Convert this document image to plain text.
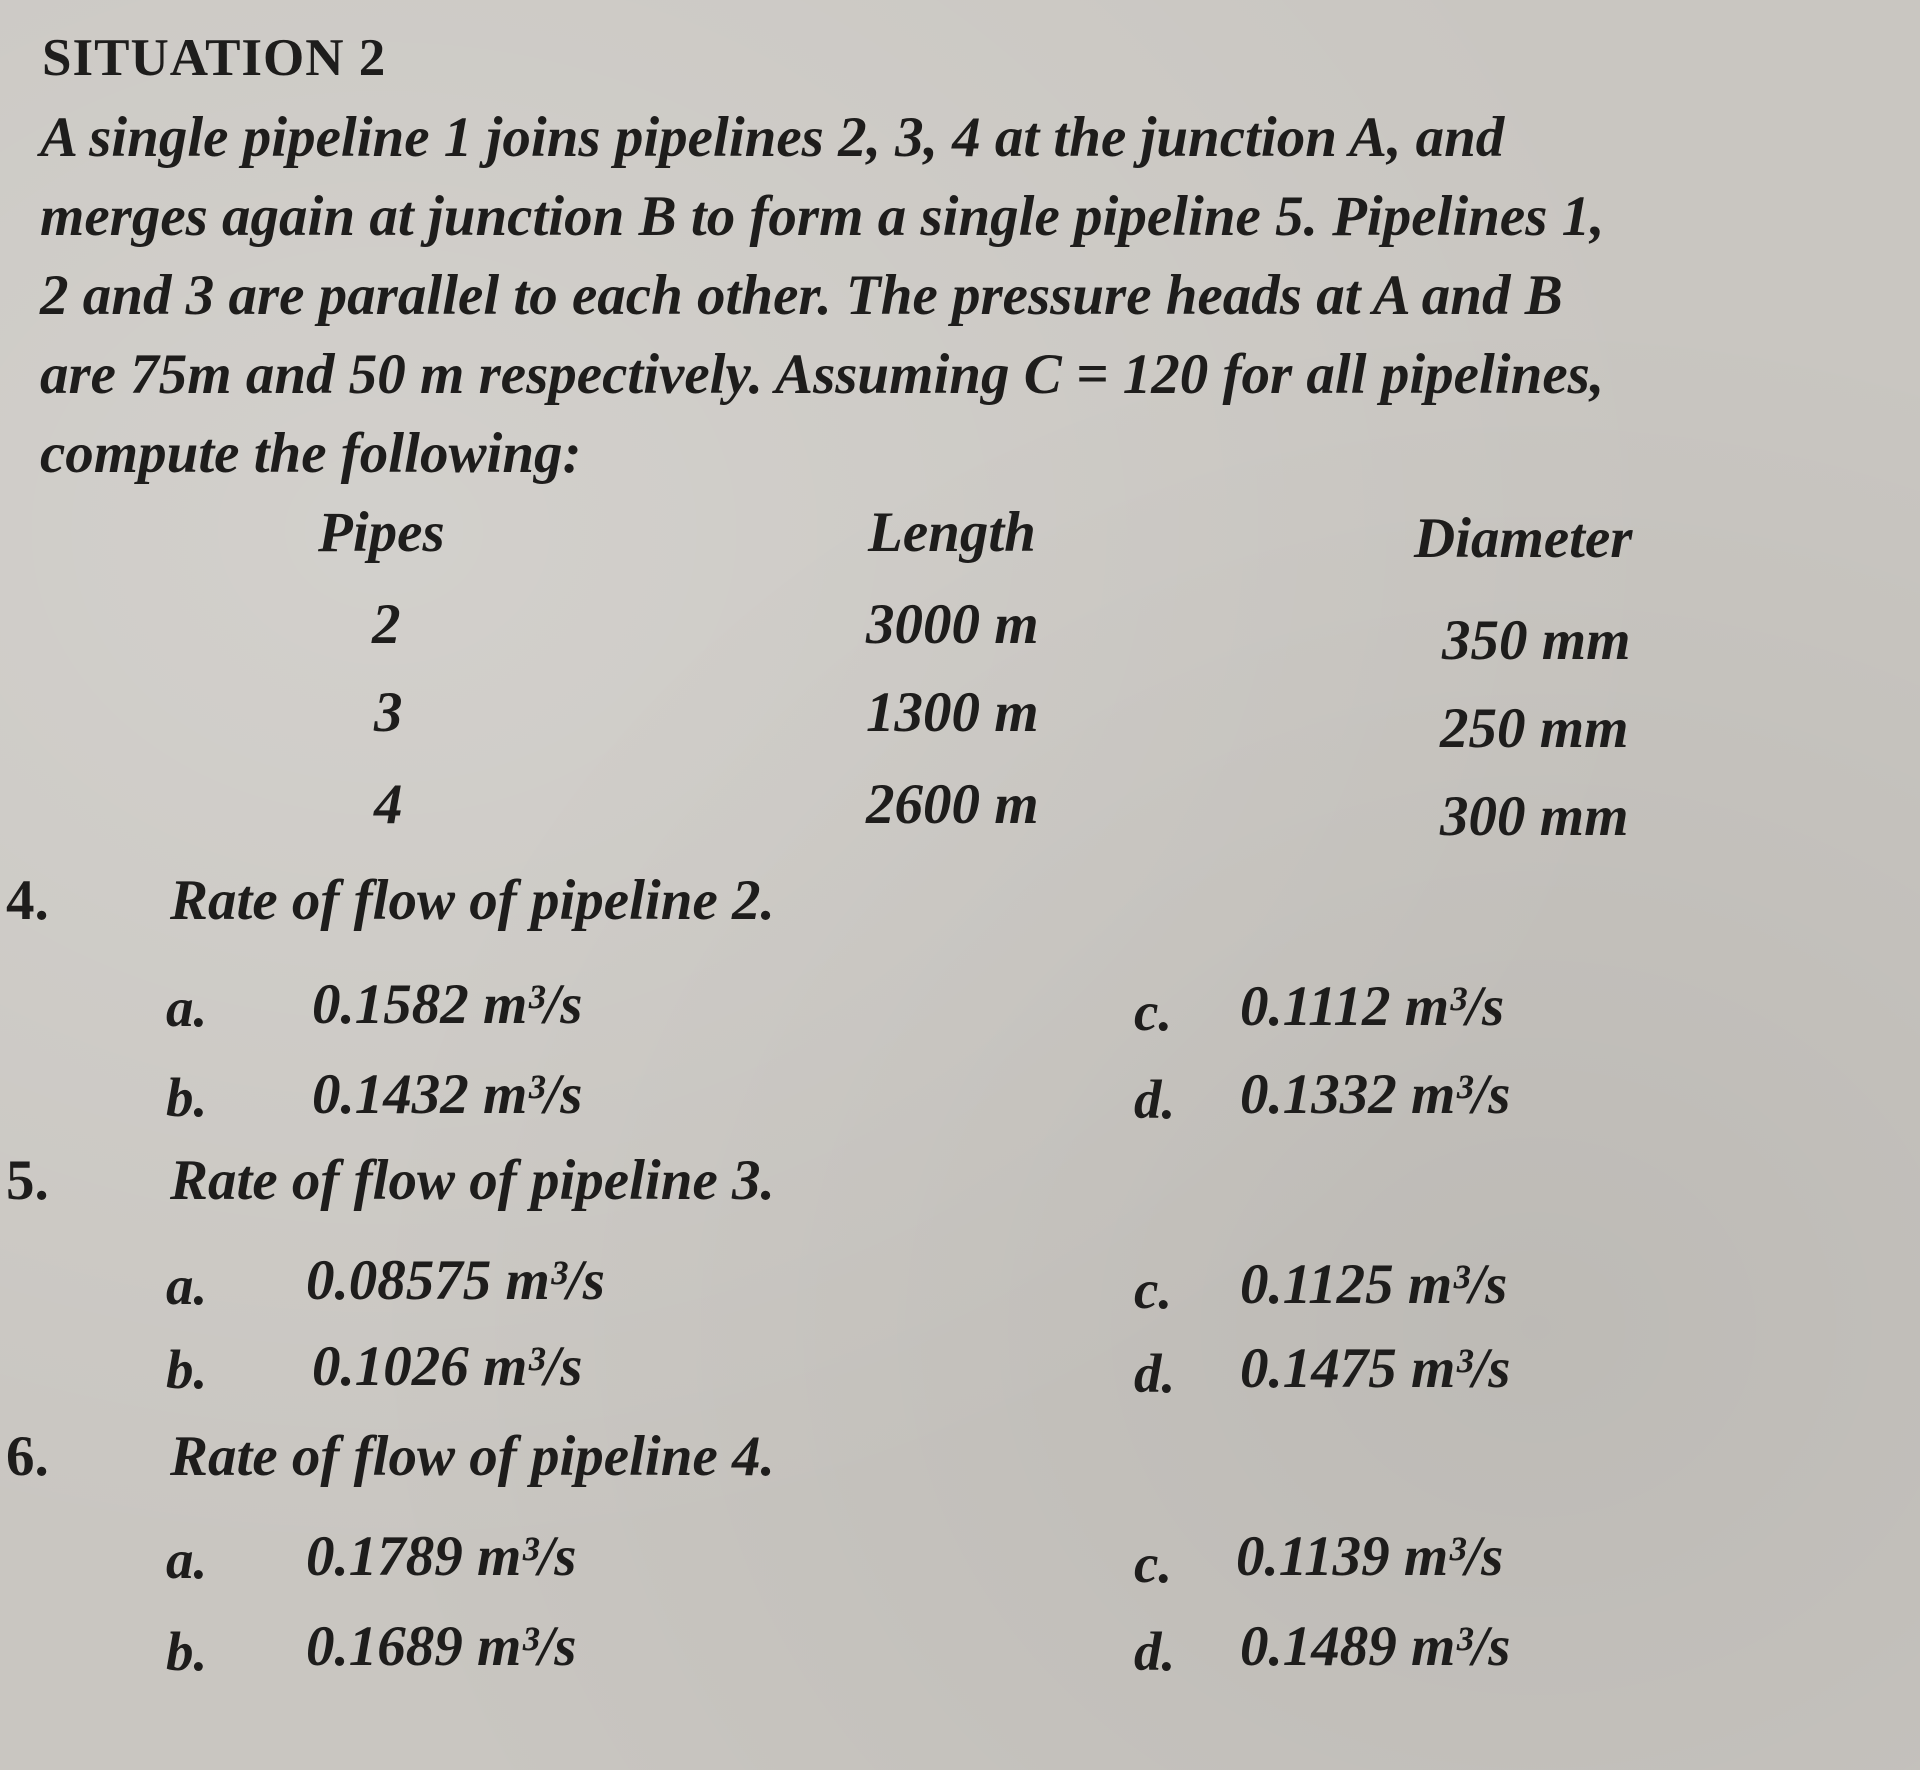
SITUATION 2
A single pipeline 1 joins pipelines 2, 3, 4 at the junction A, and
merges again at junction B to form a single pipeline 5. Pipelines 1,
2 and 3 are parallel to each other. The pressure heads at A and B
are 75m and 50 m respectively. Assuming C = 120 for all pipelines,
compute the following:
Pipes	Length	Diameter
2	3000 m	350 mm
3	1300 m	250 mm
4	2600 m	300 mm
4. Rate of flow of pipeline 2.
a. 0.1582 m³/s
b. 0.1432 m³/s
c. 0.1112 m³/s
d. 0.1332 m³/s
5. Rate of flow of pipeline 3.
a. 0.08575 m³/s
b. 0.1026 m³/s
c. 0.1125 m³/s
d. 0.1475 m³/s
6. Rate of flow of pipeline 4.
a. 0.1789 m³/s
b. 0.1689 m³/s
c. 0.1139 m³/s
d. 0.1489 m³/s
